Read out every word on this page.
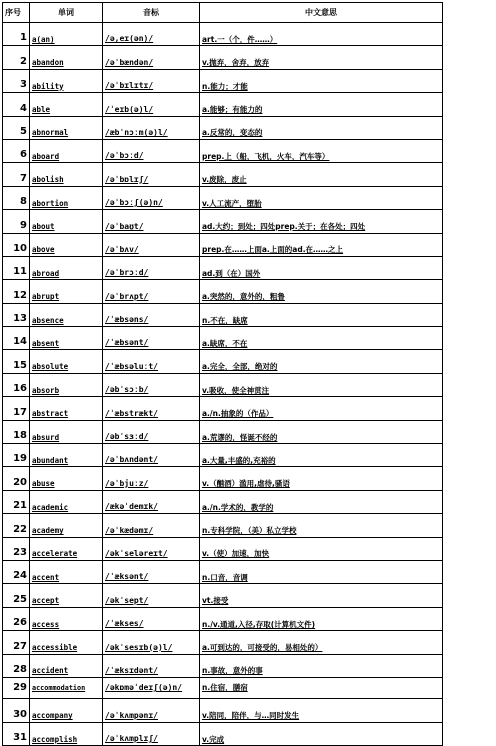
序号	单词	音标	中文意思
1	a(an)	/ə,eɪ(ən)/	art.一（个，件……）
2	abandon	/əˈbændən/	v.抛弃，舍弃，放弃
3	ability	/əˈbɪlɪtɪ/	n.能力；才能
4	able	/ˈeɪb(ə)l/	a.能够；有能力的
5	abnormal	/æbˈnɔːm(ə)l/	a.反常的，变态的
6	aboard	/əˈbɔːd/	prep.上（船，飞机，火车，汽车等）
7	abolish	/əˈbɒlɪʃ/	v.废除，废止
8	abortion	/əˈbɔːʃ(ə)n/	v.人工流产，堕胎
9	about	/əˈbaʊt/	ad.大约；到处；四处prep.关于；在各处；四处
10	above	/əˈbʌv/	prep.在……上面a.上面的ad.在……之上
11	abroad	/əˈbrɔːd/	ad.到（在）国外
12	abrupt	/əˈbrʌpt/	a.突然的，意外的，粗鲁
13	absence	/ˈæbsəns/	n.不在，缺席
14	absent	/ˈæbsənt/	a.缺席，不在
15	absolute	/ˈæbsəluːt/	a.完全，全部，绝对的
16	absorb	/əbˈsɔːb/	v.吸收，使全神贯注
17	abstract	/ˈæbstrækt/	a./n.抽象的（作品）
18	absurd	/əbˈsɜːd/	a.荒谬的，怪诞不经的
19	abundant	/əˈbʌndənt/	a.大量,丰盛的,充裕的
20	abuse	/əˈbjuːz/	v.（酗酒）滥用,虐待,骚语
21	academic	/ækəˈdemɪk/	a./n.学术的，教学的
22	academy	/əˈkædəmɪ/	n.专科学院，（美）私立学校
23	accelerate	/əkˈseləreɪt/	v.（使）加速，加快
24	accent	/ˈæksənt/	n.口音，音调
25	accept	/əkˈsept/	vt.接受
26	access	/ˈækses/	n./v.通道,入径,存取(计算机文件)
27	accessible	/əkˈsesɪb(ə)l/	a.可到达的，可接受的，易相处的）
28	accident	/ˈæksɪdənt/	n.事故，意外的事
29	accommodation	/əkɒməˈdeɪʃ(ə)n/	n.住宿，膳宿
30	accompany	/əˈkʌmpənɪ/	v.陪同，陪伴，与…同时发生
31	accomplish	/əˈkʌmplɪʃ/	v.完成
